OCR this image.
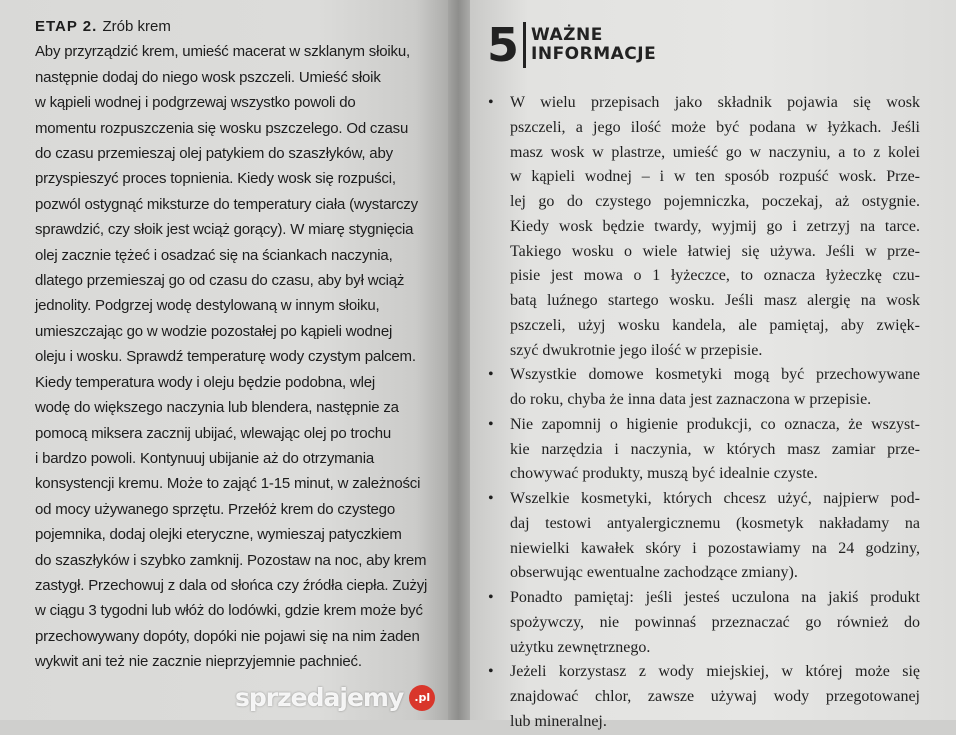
ETAP 2. Zrób krem
Aby przyrządzić krem, umieść macerat w szklanym słoiku,
następnie dodaj do niego wosk pszczeli. Umieść słoik
w kąpieli wodnej i podgrzewaj wszystko powoli do
momentu rozpuszczenia się wosku pszczelego. Od czasu
do czasu przemieszaj olej patykiem do szaszłyków, aby
przyspieszyć proces topnienia. Kiedy wosk się rozpuści,
pozwól ostygnąć miksturze do temperatury ciała (wystarczy
sprawdzić, czy słoik jest wciąż gorący). W miarę stygnięcia
olej zacznie tężeć i osadzać się na ściankach naczynia,
dlatego przemieszaj go od czasu do czasu, aby był wciąż
jednolity. Podgrzej wodę destylowaną w innym słoiku,
umieszczając go w wodzie pozostałej po kąpieli wodnej
oleju i wosku. Sprawdź temperaturę wody czystym palcem.
Kiedy temperatura wody i oleju będzie podobna, wlej
wodę do większego naczynia lub blendera, następnie za
pomocą miksera zacznij ubijać, wlewając olej po trochu
i bardzo powoli. Kontynuuj ubijanie aż do otrzymania
konsystencji kremu. Może to zająć 1-15 minut, w zależności
od mocy używanego sprzętu. Przełóż krem do czystego
pojemnika, dodaj olejki eteryczne, wymieszaj patyczkiem
do szaszłyków i szybko zamknij. Pozostaw na noc, aby krem
zastygł. Przechowuj z dala od słońca czy źródła ciepła. Zużyj
w ciągu 3 tygodni lub włóż do lodówki, gdzie krem może być
przechowywany dopóty, dopóki nie pojawi się na nim żaden
wykwit ani też nie zacznie nieprzyjemnie pachnieć.
5 WAŻNE
INFORMACJE
• W wielu przepisach jako składnik pojawia się wosk
pszczeli, a jego ilość może być podana w łyżkach. Jeśli
masz wosk w plastrze, umieść go w naczyniu, a to z kolei
w kąpieli wodnej – i w ten sposób rozpuść wosk. Prze-
lej go do czystego pojemniczka, poczekaj, aż ostygnie.
Kiedy wosk będzie twardy, wyjmij go i zetrzyj na tarce.
Takiego wosku o wiele łatwiej się używa. Jeśli w prze-
pisie jest mowa o 1 łyżeczce, to oznacza łyżeczkę czu-
batą luźnego startego wosku. Jeśli masz alergię na wosk
pszczeli, użyj wosku kandela, ale pamiętaj, aby zwięk-
szyć dwukrotnie jego ilość w przepisie.
• Wszystkie domowe kosmetyki mogą być przechowywane
do roku, chyba że inna data jest zaznaczona w przepisie.
• Nie zapomnij o higienie produkcji, co oznacza, że wszyst-
kie narzędzia i naczynia, w których masz zamiar prze-
chowywać produkty, muszą być idealnie czyste.
• Wszelkie kosmetyki, których chcesz użyć, najpierw pod-
daj testowi antyalergicznemu (kosmetyk nakładamy na
niewielki kawałek skóry i pozostawiamy na 24 godziny,
obserwując ewentualne zachodzące zmiany).
• Ponadto pamiętaj: jeśli jesteś uczulona na jakiś produkt
spożywczy, nie powinnaś przeznaczać go również do
użytku zewnętrznego.
• Jeżeli korzystasz z wody miejskiej, w której może się
znajdować chlor, zawsze używaj wody przegotowanej
lub mineralnej.
sprzedajemy	.pl
